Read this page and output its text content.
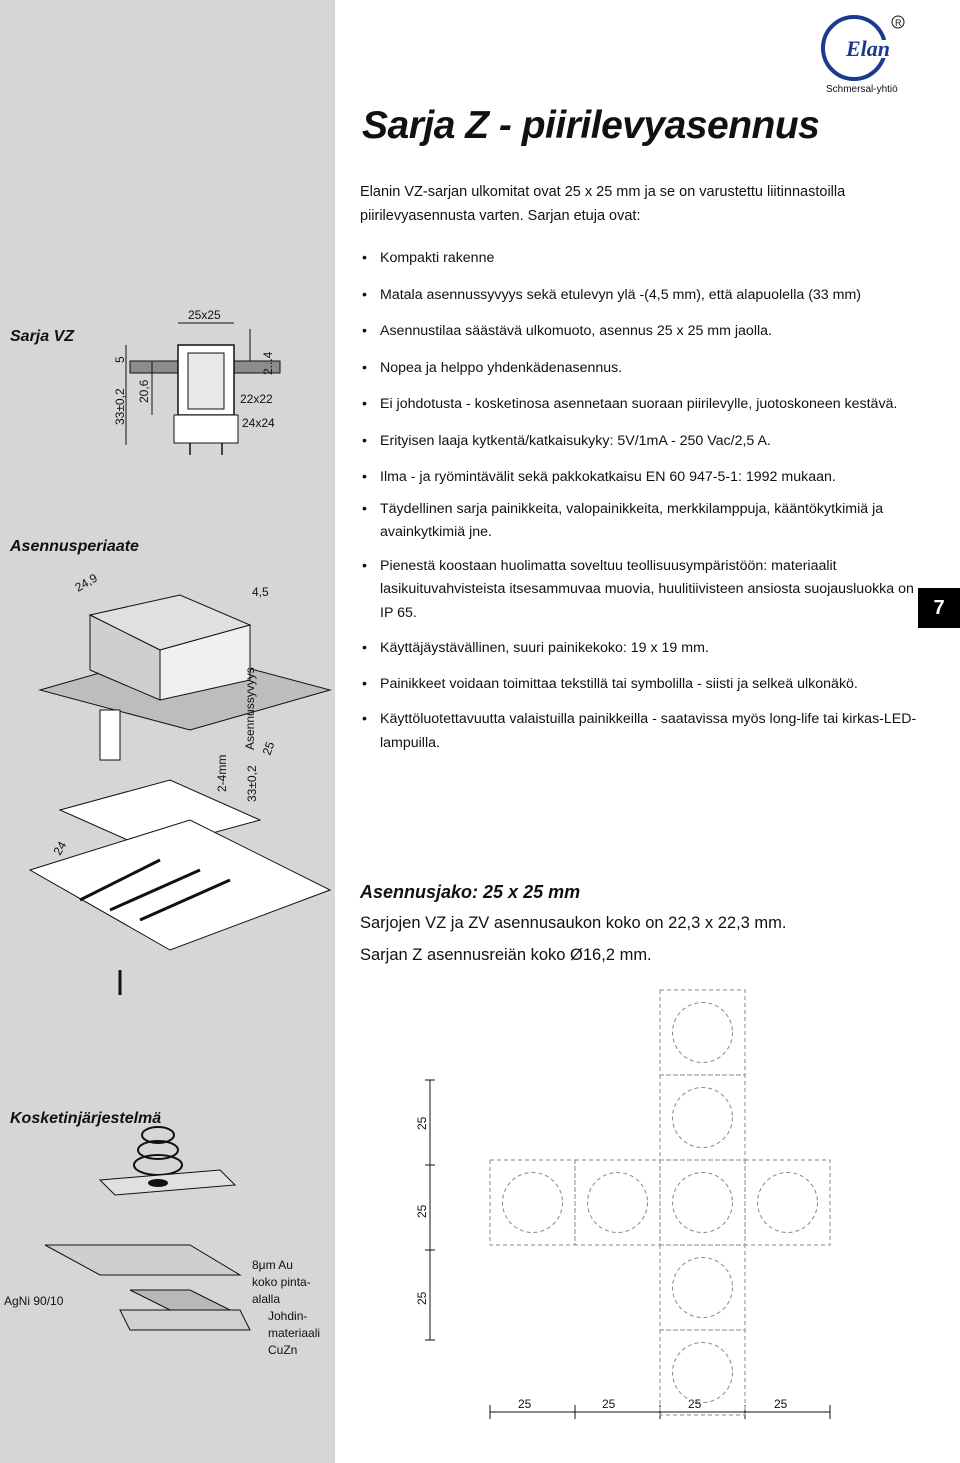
Sarja VZ
Asennusperiaate
Kosketinjärjestelmä
Elan
R
Schmersal-yhtiö
Sarja Z - piirilevyasennus
Elanin VZ-sarjan ulkomitat ovat 25 x 25 mm ja se on varustettu liitinnastoilla piirilevyasennusta varten. Sarjan etuja ovat:
• Kompakti rakenne
• Matala asennussyvyys sekä etulevyn ylä -(4,5 mm), että alapuolella (33 mm)
• Asennustilaa säästävä ulkomuoto, asennus 25 x 25 mm jaolla.
• Nopea ja helppo yhdenkädenasennus.
• Ei johdotusta - kosketinosa asennetaan suoraan piirilevylle, juotoskoneen kestävä.
• Erityisen laaja kytkentä/katkaisukyky: 5V/1mA - 250 Vac/2,5 A.
• Ilma - ja ryömintävälit sekä pakkokatkaisu EN 60 947-5-1: 1992 mukaan.
• Täydellinen sarja painikkeita, valopainikkeita, merkkilamppuja, kääntökytkimiä ja avainkytkimiä jne.
• Pienestä koostaan huolimatta soveltuu teollisuusympäristöön: materiaalit lasikuituvahvisteista itsesammuvaa muovia, huulitiivisteen ansiosta suojausluokka on IP 65.
• Käyttäjäystävällinen, suuri painikekoko: 19 x 19 mm.
• Painikkeet voidaan toimittaa tekstillä tai symbolilla - siisti ja selkeä ulkonäkö.
• Käyttöluotettavuutta valaistuilla painikkeilla - saatavissa myös long-life tai kirkas-LED-lampuilla.
7
Asennusjako: 25 x 25 mm
Sarjojen VZ ja ZV asennusaukon koko on 22,3 x 22,3 mm.
Sarjan Z asennusreiän koko Ø16,2 mm.
25x25
2...4
5
20,6
33±0,2	22x22
24x24
24,9	4,5
Asennussyvyys 25
2-4mm 33±0,2
24
AgNi 90/10
8μm Au
koko pinta-
alalla
Johdin-
materiaali
CuZn
25
25
25
25	25	25	25
